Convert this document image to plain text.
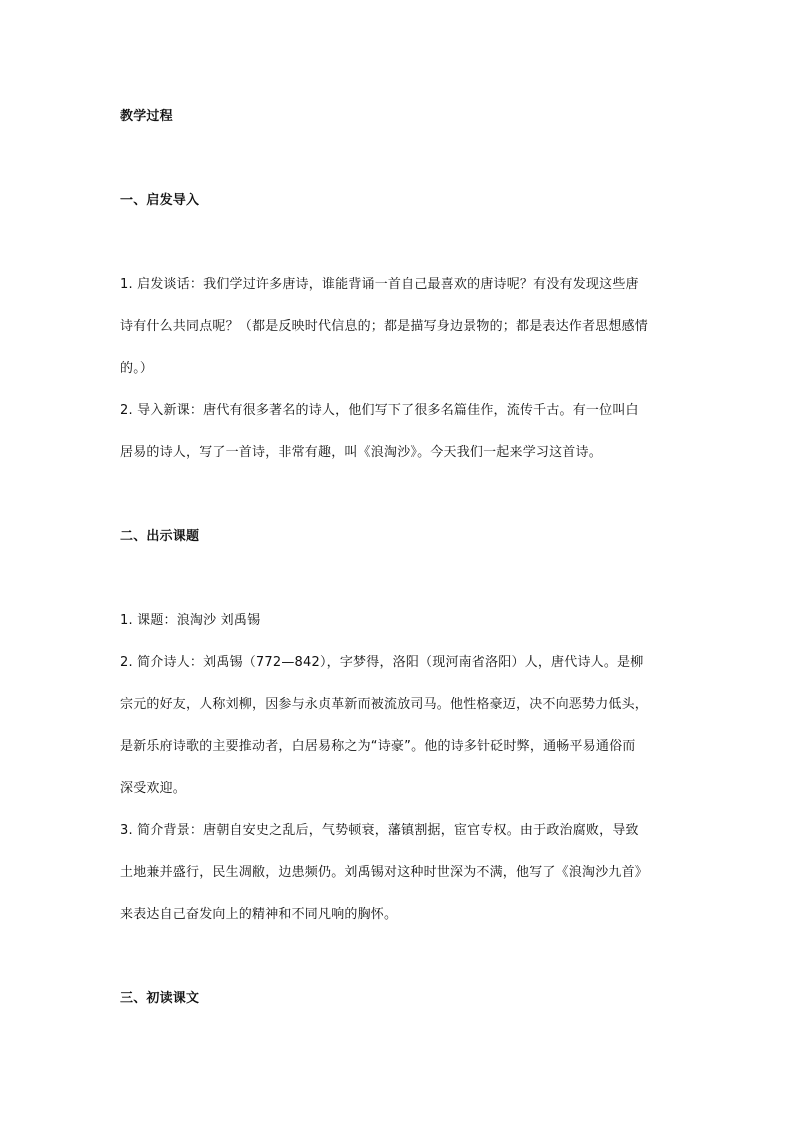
教学过程
一、启发导入
1. 启发谈话：我们学过许多唐诗，谁能背诵一首自己最喜欢的唐诗呢？有没有发现这些唐
诗有什么共同点呢？（都是反映时代信息的；都是描写身边景物的；都是表达作者思想感情
的。）
2. 导入新课：唐代有很多著名的诗人，他们写下了很多名篇佳作，流传千古。有一位叫白
居易的诗人，写了一首诗，非常有趣，叫《浪淘沙》。今天我们一起来学习这首诗。
二、出示课题
1. 课题：浪淘沙 刘禹锡
2. 简介诗人：刘禹锡（772—842），字梦得，洛阳（现河南省洛阳）人，唐代诗人。是柳
宗元的好友，人称刘柳，因参与永贞革新而被流放司马。他性格豪迈，决不向恶势力低头，
是新乐府诗歌的主要推动者，白居易称之为“诗豪”。他的诗多针砭时弊，通畅平易通俗而
深受欢迎。
3. 简介背景：唐朝自安史之乱后，气势顿衰，藩镇割据，宦官专权。由于政治腐败，导致
土地兼并盛行，民生凋敝，边患频仍。刘禹锡对这种时世深为不满，他写了《浪淘沙九首》
来表达自己奋发向上的精神和不同凡响的胸怀。
三、初读课文
